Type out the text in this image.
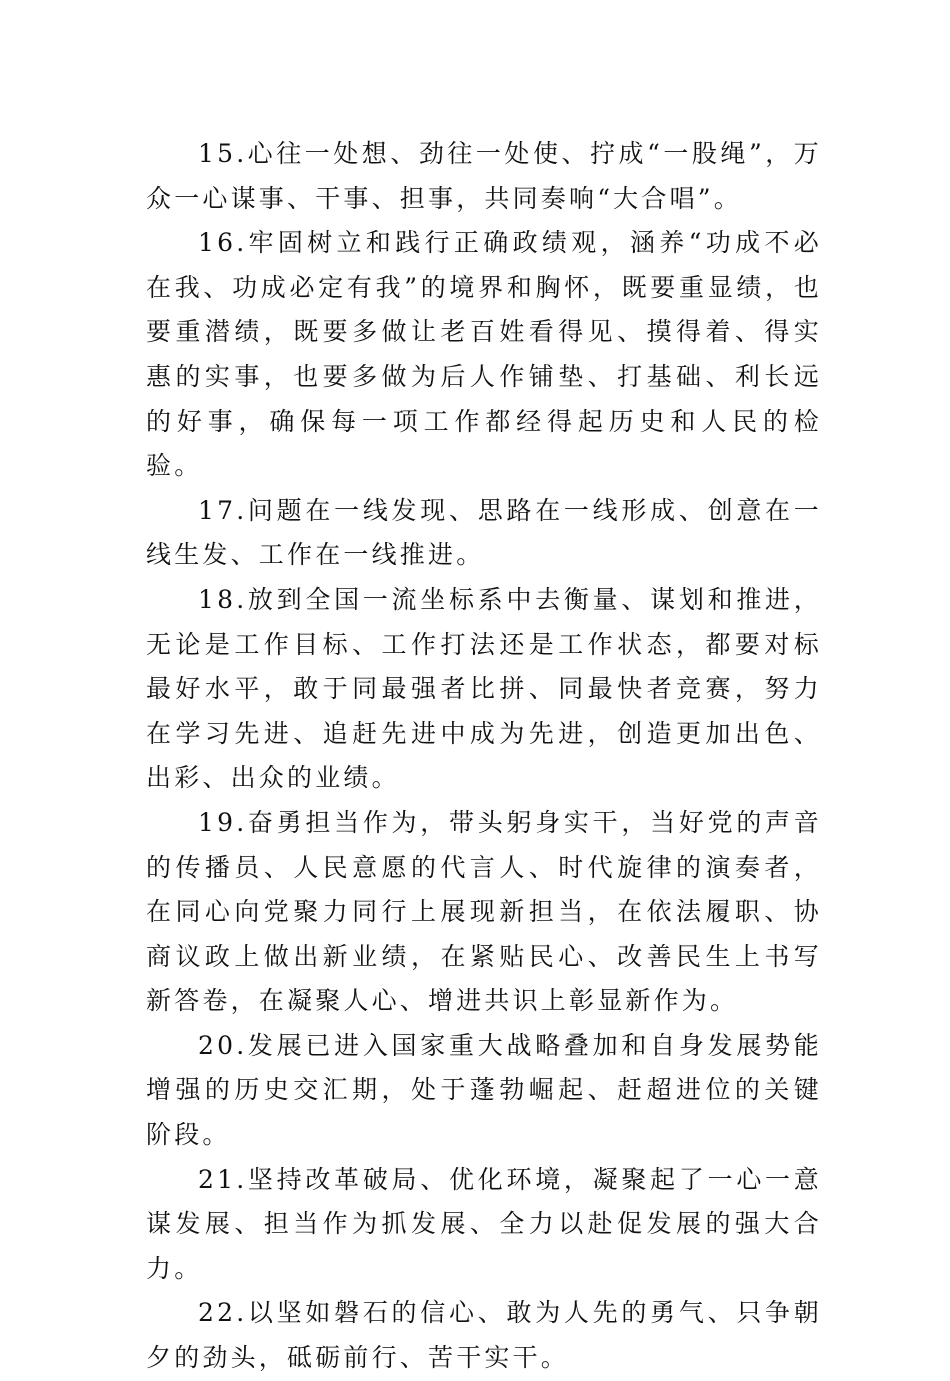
15.心往一处想、劲往一处使、拧成“一股绳”，万众一心谋事、干事、担事，共同奏响“大合唱”。

16.牢固树立和践行正确政绩观，涵养“功成不必在我、功成必定有我”的境界和胸怀，既要重显绩，也要重潜绩，既要多做让老百姓看得见、摸得着、得实惠的实事，也要多做为后人作铺垫、打基础、利长远的好事，确保每一项工作都经得起历史和人民的检验。

17.问题在一线发现、思路在一线形成、创意在一线生发、工作在一线推进。

18.放到全国一流坐标系中去衡量、谋划和推进，无论是工作目标、工作打法还是工作状态，都要对标最好水平，敢于同最强者比拼、同最快者竞赛，努力在学习先进、追赶先进中成为先进，创造更加出色、出彩、出众的业绩。

19.奋勇担当作为，带头躬身实干，当好党的声音的传播员、人民意愿的代言人、时代旋律的演奏者，在同心向党聚力同行上展现新担当，在依法履职、协商议政上做出新业绩，在紧贴民心、改善民生上书写新答卷，在凝聚人心、增进共识上彰显新作为。

20.发展已进入国家重大战略叠加和自身发展势能增强的历史交汇期，处于蓬勃崛起、赶超进位的关键阶段。

21.坚持改革破局、优化环境，凝聚起了一心一意谋发展、担当作为抓发展、全力以赴促发展的强大合力。

22.以坚如磐石的信心、敢为人先的勇气、只争朝夕的劲头，砥砺前行、苦干实干。
